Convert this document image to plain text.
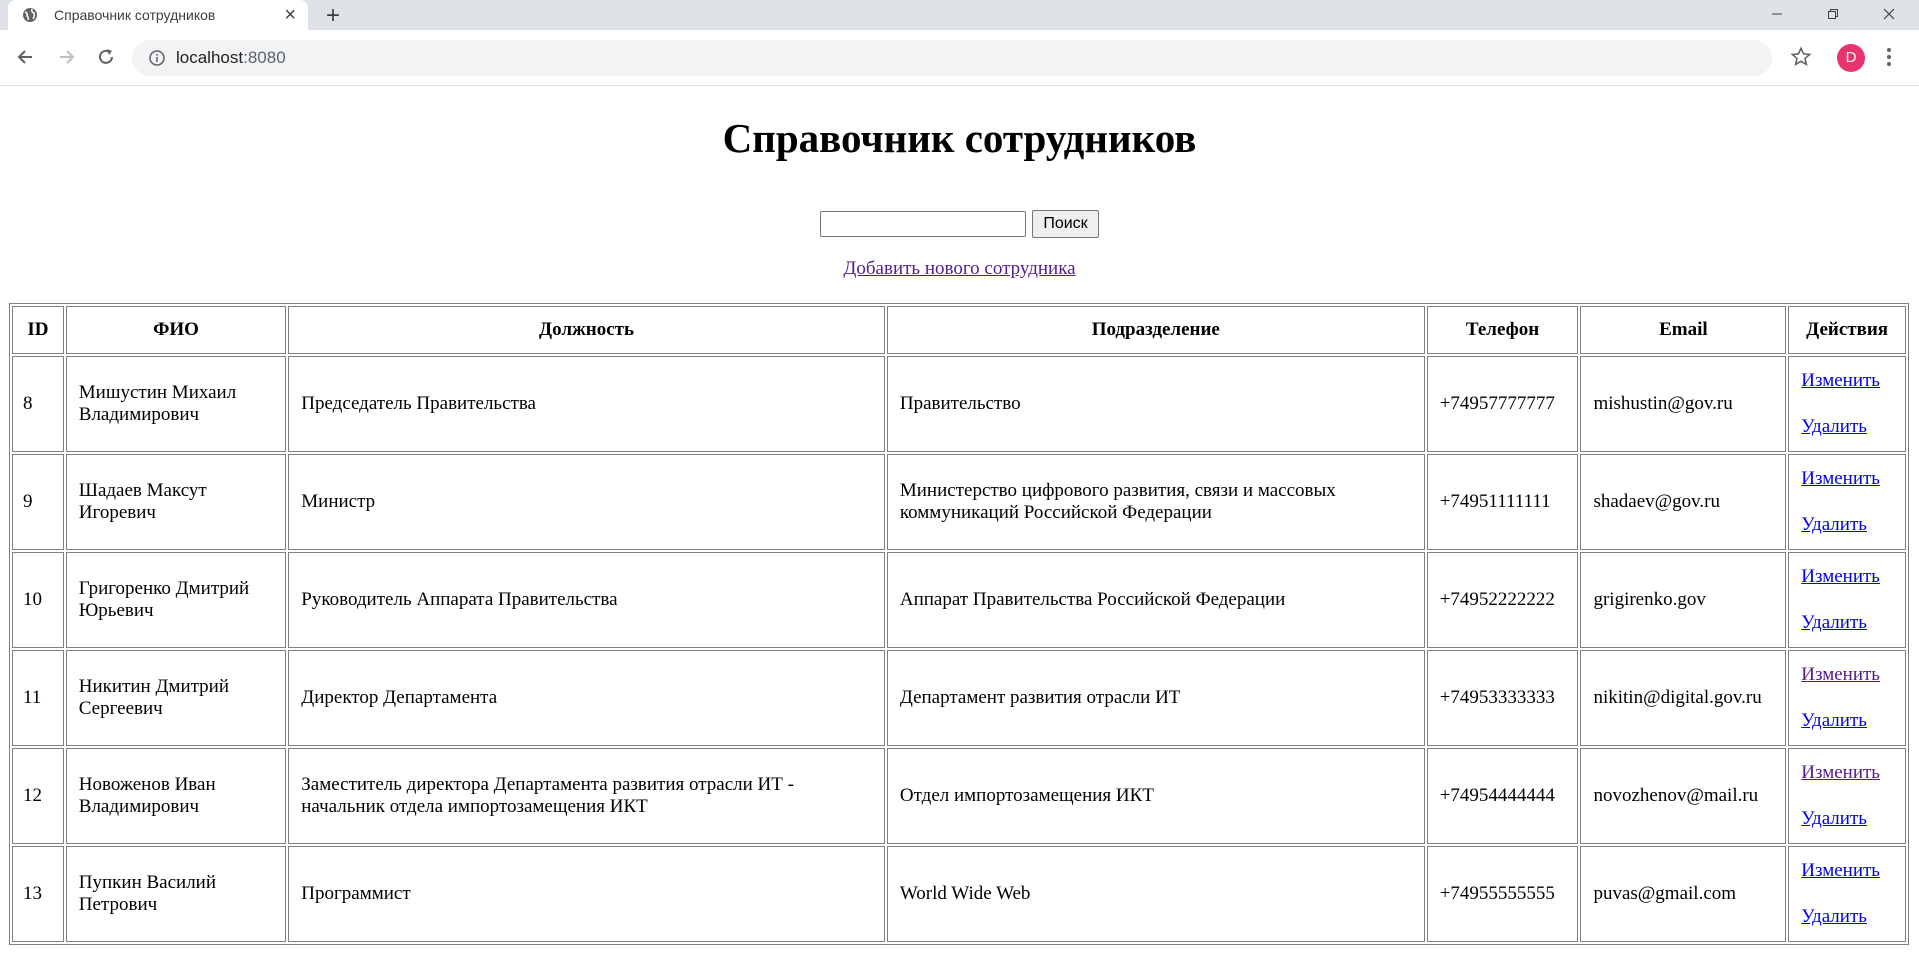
Справочник сотрудников	× +
localhost:8080	D
Справочник сотрудников
Поиск
Добавить нового сотрудника
ID	ФИО	Должность	Подразделение	Телефон	Email	Действия
8	Мишустин Михаил Владимирович	Председатель Правительства	Правительство	+74957777777	mishustin@gov.ru	Изменить
Удалить

9	Шадаев Максут Игоревич	Министр	Министерство цифрового развития, связи и массовых коммуникаций Российской Федерации	+74951111111	shadaev@gov.ru	Изменить
Удалить

10	Григоренко Дмитрий Юрьевич	Руководитель Аппарата Правительства	Аппарат Правительства Российской Федерации	+74952222222	grigirenko.gov	Изменить
Удалить

11	Никитин Дмитрий Сергеевич	Директор Департамента	Департамент развития отрасли ИТ	+74953333333	nikitin@digital.gov.ru	Изменить
Удалить

12	Новоженов Иван Владимирович	Заместитель директора Департамента развития отрасли ИТ - начальник отдела импортозамещения ИКТ	Отдел импортозамещения ИКТ	+74954444444	novozhenov@mail.ru	Изменить
Удалить

13	Пупкин Василий Петрович	Программист	World Wide Web	+74955555555	puvas@gmail.com	Изменить
Удалить
